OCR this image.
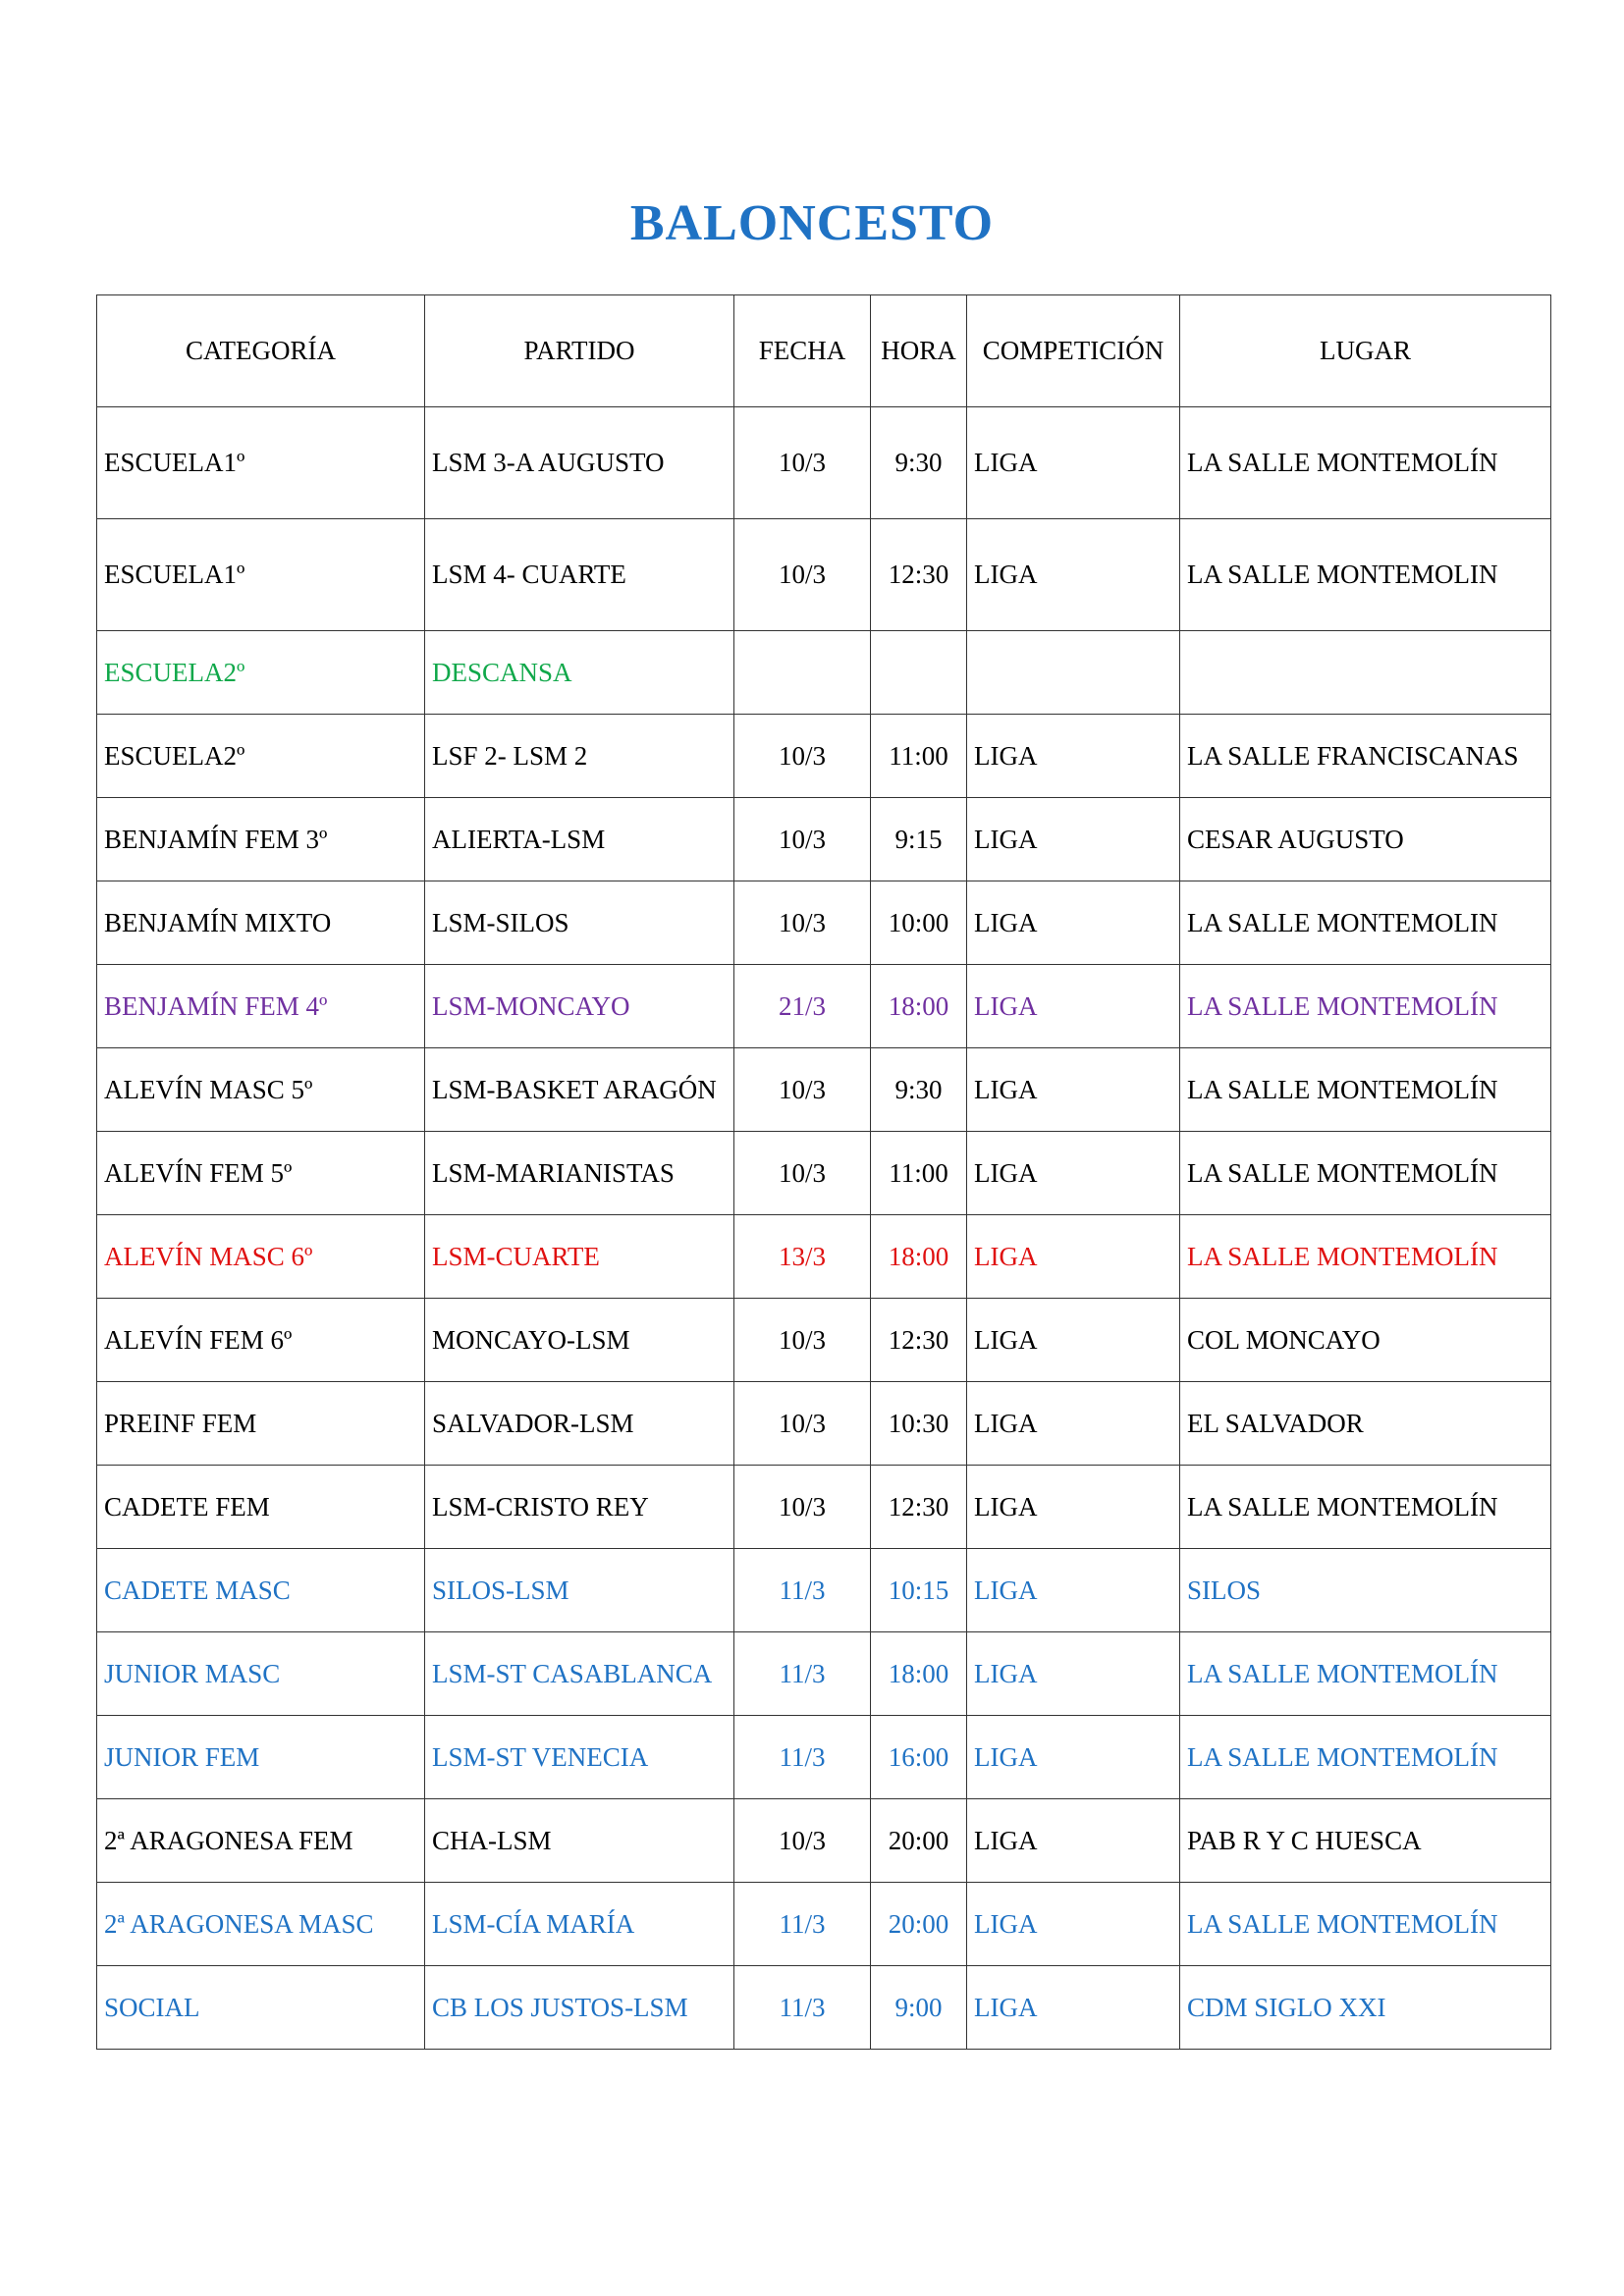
BALONCESTO
CATEGORÍA	PARTIDO	FECHA	HORA	COMPETICIÓN	LUGAR
ESCUELA1º	LSM 3-A AUGUSTO	10/3	9:30	LIGA	LA SALLE MONTEMOLÍN
ESCUELA1º	LSM 4- CUARTE	10/3	12:30	LIGA	LA SALLE MONTEMOLIN
ESCUELA2º	DESCANSA				
ESCUELA2º	LSF 2- LSM 2	10/3	11:00	LIGA	LA SALLE FRANCISCANAS
BENJAMÍN FEM 3º	ALIERTA-LSM	10/3	9:15	LIGA	CESAR AUGUSTO
BENJAMÍN MIXTO	LSM-SILOS	10/3	10:00	LIGA	LA SALLE MONTEMOLIN
BENJAMÍN FEM 4º	LSM-MONCAYO	21/3	18:00	LIGA	LA SALLE MONTEMOLÍN
ALEVÍN MASC 5º	LSM-BASKET ARAGÓN	10/3	9:30	LIGA	LA SALLE MONTEMOLÍN
ALEVÍN FEM 5º	LSM-MARIANISTAS	10/3	11:00	LIGA	LA SALLE MONTEMOLÍN
ALEVÍN MASC 6º	LSM-CUARTE	13/3	18:00	LIGA	LA SALLE MONTEMOLÍN
ALEVÍN FEM 6º	MONCAYO-LSM	10/3	12:30	LIGA	COL MONCAYO
PREINF FEM	SALVADOR-LSM	10/3	10:30	LIGA	EL SALVADOR
CADETE FEM	LSM-CRISTO REY	10/3	12:30	LIGA	LA SALLE MONTEMOLÍN
CADETE MASC	SILOS-LSM	11/3	10:15	LIGA	SILOS
JUNIOR MASC	LSM-ST CASABLANCA	11/3	18:00	LIGA	LA SALLE MONTEMOLÍN
JUNIOR FEM	LSM-ST VENECIA	11/3	16:00	LIGA	LA SALLE MONTEMOLÍN
2ª ARAGONESA FEM	CHA-LSM	10/3	20:00	LIGA	PAB R Y C HUESCA
2ª ARAGONESA MASC	LSM-CÍA MARÍA	11/3	20:00	LIGA	LA SALLE MONTEMOLÍN
SOCIAL	CB LOS JUSTOS-LSM	11/3	9:00	LIGA	CDM SIGLO XXI
